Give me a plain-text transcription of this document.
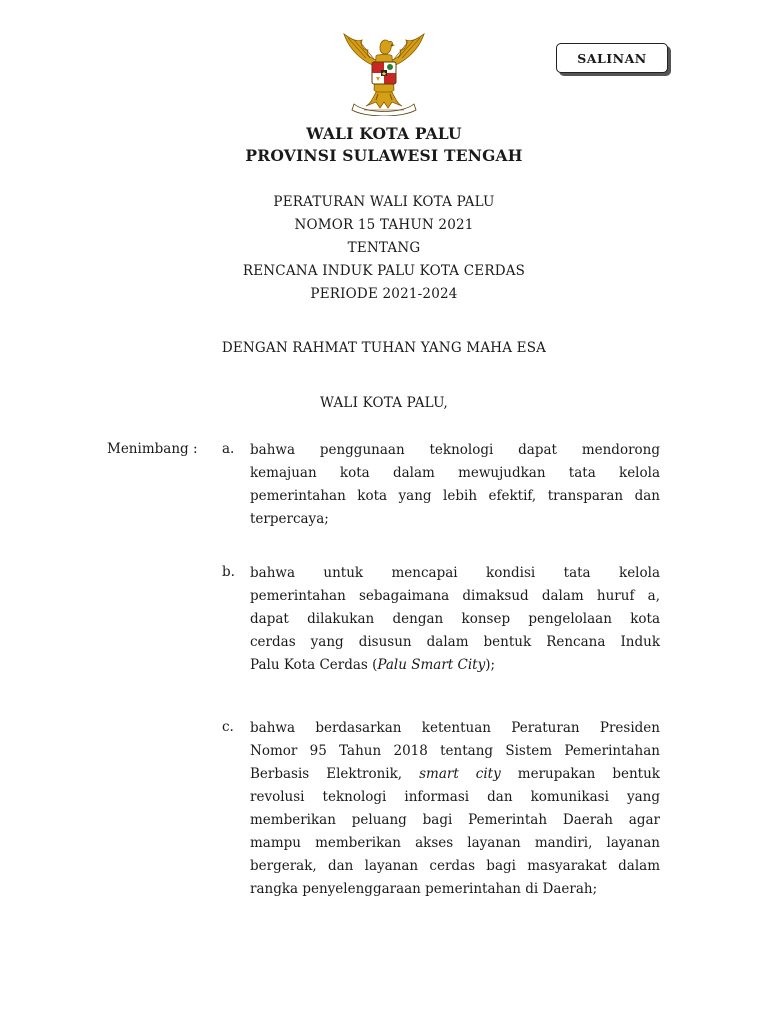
SALINAN
WALI KOTA PALU
PROVINSI SULAWESI TENGAH
PERATURAN WALI KOTA PALU
NOMOR 15 TAHUN 2021
TENTANG
RENCANA INDUK PALU KOTA CERDAS
PERIODE 2021-2024
DENGAN RAHMAT TUHAN YANG MAHA ESA
WALI KOTA PALU,
Menimbang : a. bahwa penggunaan teknologi dapat mendorong
kemajuan kota dalam mewujudkan tata kelola
pemerintahan kota yang lebih efektif, transparan dan
terpercaya;
b. bahwa untuk mencapai kondisi tata kelola
pemerintahan sebagaimana dimaksud dalam huruf a,
dapat dilakukan dengan konsep pengelolaan kota
cerdas yang disusun dalam bentuk Rencana Induk
Palu Kota Cerdas (Palu Smart City);
c. bahwa berdasarkan ketentuan Peraturan Presiden
Nomor 95 Tahun 2018 tentang Sistem Pemerintahan
Berbasis Elektronik, smart city merupakan bentuk
revolusi teknologi informasi dan komunikasi yang
memberikan peluang bagi Pemerintah Daerah agar
mampu memberikan akses layanan mandiri, layanan
bergerak, dan layanan cerdas bagi masyarakat dalam
rangka penyelenggaraan pemerintahan di Daerah;
